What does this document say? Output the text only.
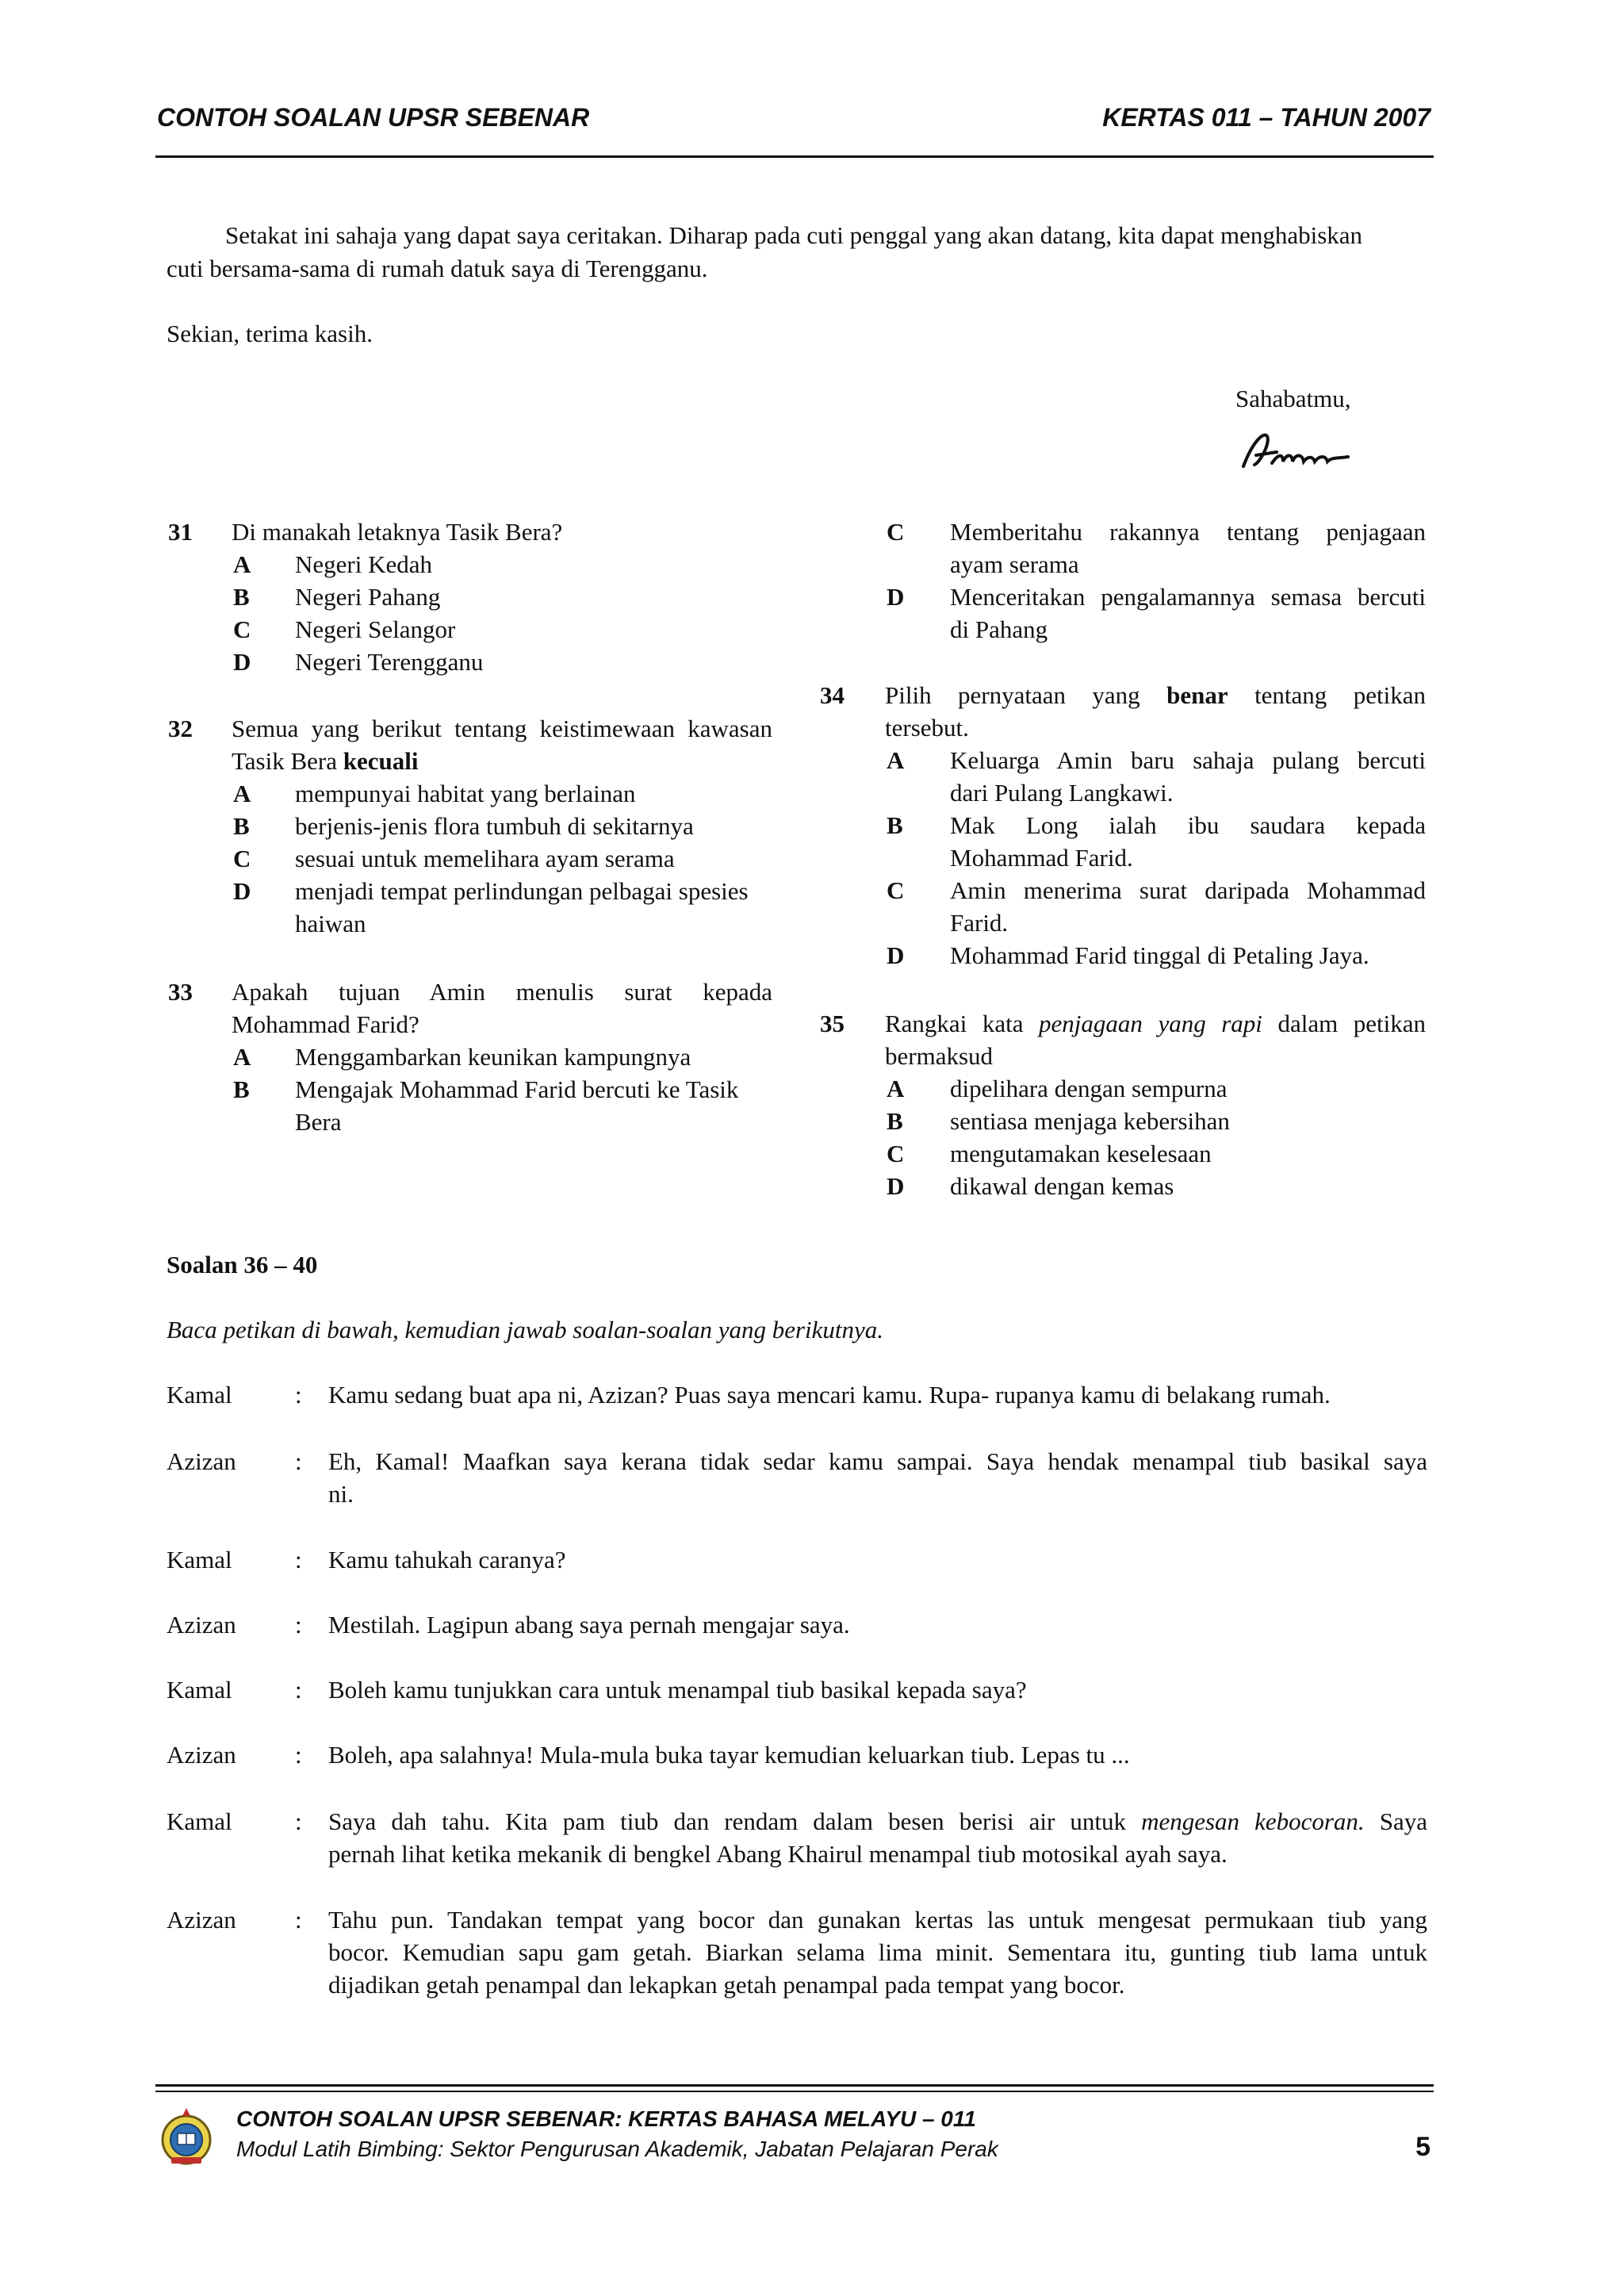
CONTOH SOALAN UPSR SEBENAR	KERTAS 011 – TAHUN 2007
Setakat ini sahaja yang dapat saya ceritakan. Diharap pada cuti penggal yang akan datang, kita dapat menghabiskan
cuti bersama-sama di rumah datuk saya di Terengganu.
Sekian, terima kasih.
Sahabatmu,
31 Di manakah letaknya Tasik Bera?
A Negeri Kedah
B Negeri Pahang
C Negeri Selangor
D Negeri Terengganu
32 Semua yang berikut tentang keistimewaan kawasan
Tasik Bera kecuali
A mempunyai habitat yang berlainan
B berjenis-jenis flora tumbuh di sekitarnya
C sesuai untuk memelihara ayam serama
D menjadi tempat perlindungan pelbagai spesies
haiwan
33 Apakah tujuan Amin menulis surat kepada
Mohammad Farid?
A Menggambarkan keunikan kampungnya
B Mengajak Mohammad Farid bercuti ke Tasik
Bera
C Memberitahu rakannya tentang penjagaan
ayam serama
D Menceritakan pengalamannya semasa bercuti
di Pahang
34 Pilih pernyataan yang benar tentang petikan
tersebut.
A Keluarga Amin baru sahaja pulang bercuti
dari Pulang Langkawi.
B Mak Long ialah ibu saudara kepada
Mohammad Farid.
C Amin menerima surat daripada Mohammad
Farid.
D Mohammad Farid tinggal di Petaling Jaya.
35 Rangkai kata penjagaan yang rapi dalam petikan
bermaksud
A dipelihara dengan sempurna
B sentiasa menjaga kebersihan
C mengutamakan keselesaan
D dikawal dengan kemas
Soalan 36 – 40
Baca petikan di bawah, kemudian jawab soalan-soalan yang berikutnya.
Kamal	: Kamu sedang buat apa ni, Azizan? Puas saya mencari kamu. Rupa- rupanya kamu di belakang rumah.
Azizan : Eh, Kamal! Maafkan saya kerana tidak sedar kamu sampai. Saya hendak menampal tiub basikal saya
ni.
Kamal	: Kamu tahukah caranya?
Azizan : Mestilah. Lagipun abang saya pernah mengajar saya.
Kamal	: Boleh kamu tunjukkan cara untuk menampal tiub basikal kepada saya?
Azizan : Boleh, apa salahnya! Mula-mula buka tayar kemudian keluarkan tiub. Lepas tu ...
Kamal	: Saya dah tahu. Kita pam tiub dan rendam dalam besen berisi air untuk mengesan kebocoran. Saya
pernah lihat ketika mekanik di bengkel Abang Khairul menampal tiub motosikal ayah saya.
Azizan : Tahu pun. Tandakan tempat yang bocor dan gunakan kertas las untuk mengesat permukaan tiub yang
bocor. Kemudian sapu gam getah. Biarkan selama lima minit. Sementara itu, gunting tiub lama untuk
dijadikan getah penampal dan lekapkan getah penampal pada tempat yang bocor.
CONTOH SOALAN UPSR SEBENAR: KERTAS BAHASA MELAYU – 011
Modul Latih Bimbing: Sektor Pengurusan Akademik, Jabatan Pelajaran Perak	5
